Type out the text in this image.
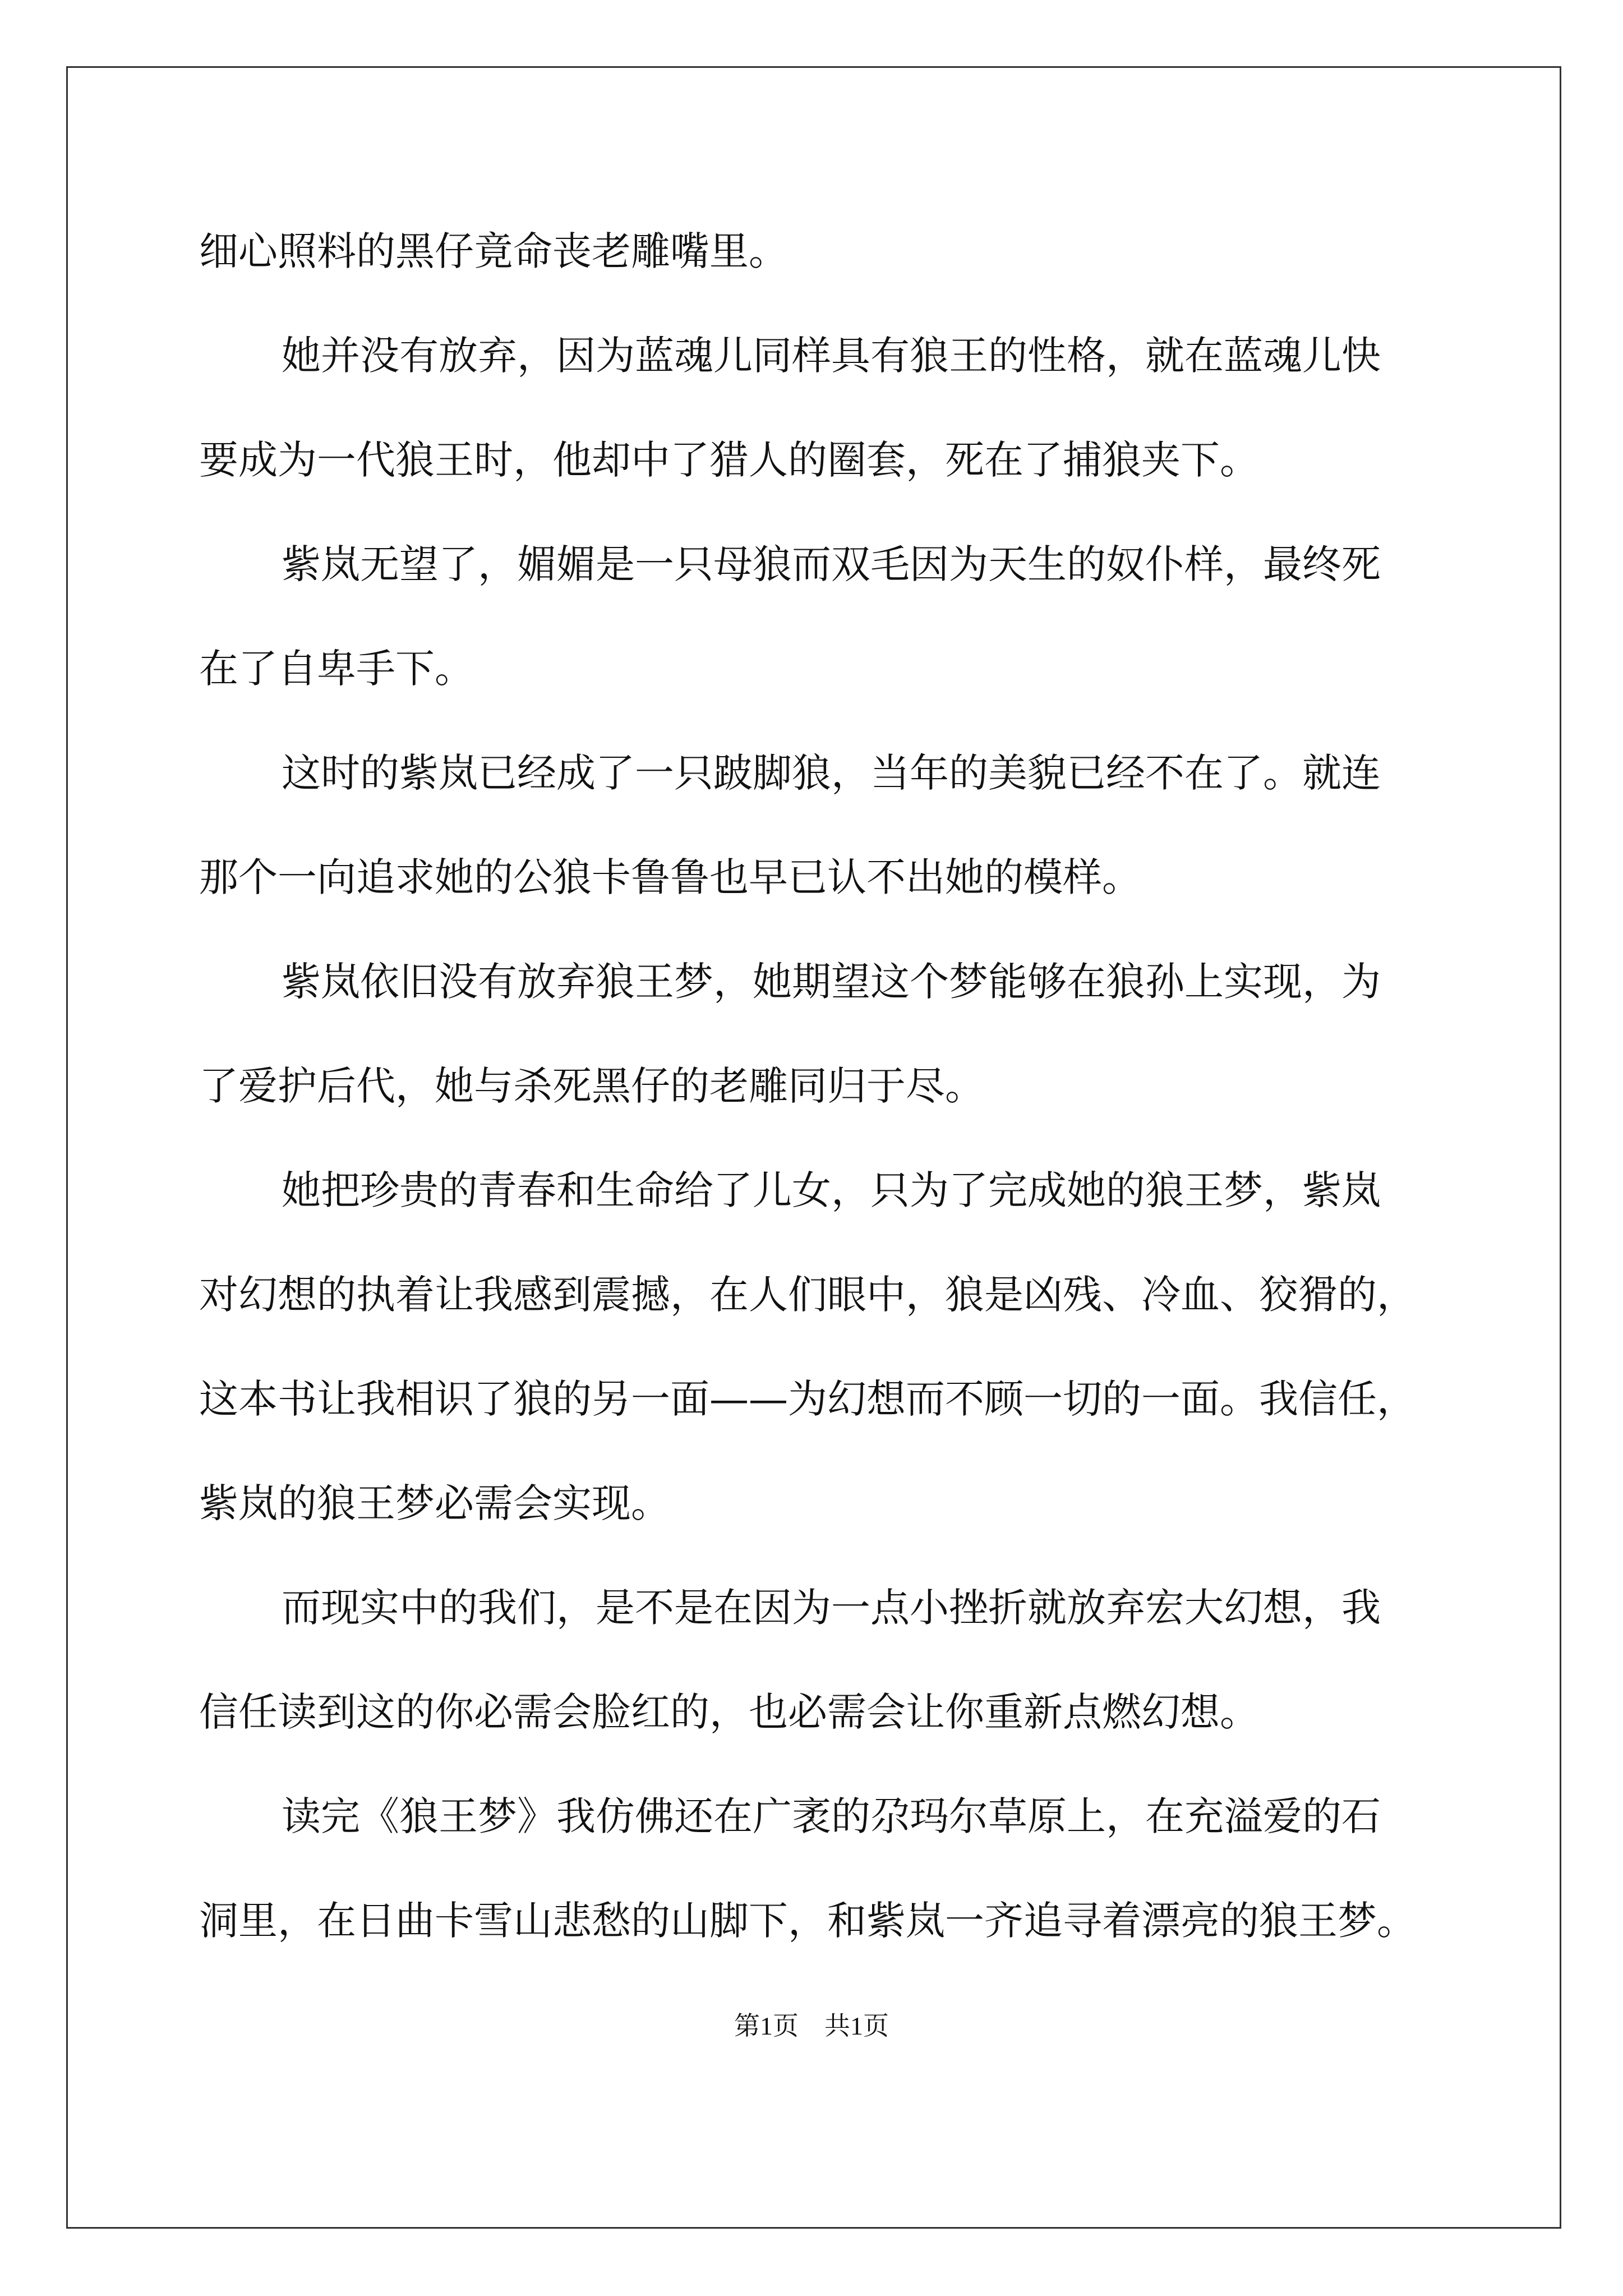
细心照料的黑仔竟命丧老雕嘴里。

她并没有放弃，因为蓝魂儿同样具有狼王的性格，就在蓝魂儿快

要成为一代狼王时，他却中了猎人的圈套，死在了捕狼夹下。

紫岚无望了，媚媚是一只母狼而双毛因为天生的奴仆样，最终死

在了自卑手下。

这时的紫岚已经成了一只跛脚狼，当年的美貌已经不在了。就连

那个一向追求她的公狼卡鲁鲁也早已认不出她的模样。

紫岚依旧没有放弃狼王梦，她期望这个梦能够在狼孙上实现，为

了爱护后代，她与杀死黑仔的老雕同归于尽。

她把珍贵的青春和生命给了儿女，只为了完成她的狼王梦，紫岚

对幻想的执着让我感到震撼，在人们眼中，狼是凶残、冷血、狡猾的，

这本书让我相识了狼的另一面——为幻想而不顾一切的一面。我信任，

紫岚的狼王梦必需会实现。

而现实中的我们，是不是在因为一点小挫折就放弃宏大幻想，我

信任读到这的你必需会脸红的，也必需会让你重新点燃幻想。

读完《狼王梦》我仿佛还在广袤的尕玛尔草原上，在充溢爱的石

洞里，在日曲卡雪山悲愁的山脚下，和紫岚一齐追寻着漂亮的狼王梦。

第1页 共1页
